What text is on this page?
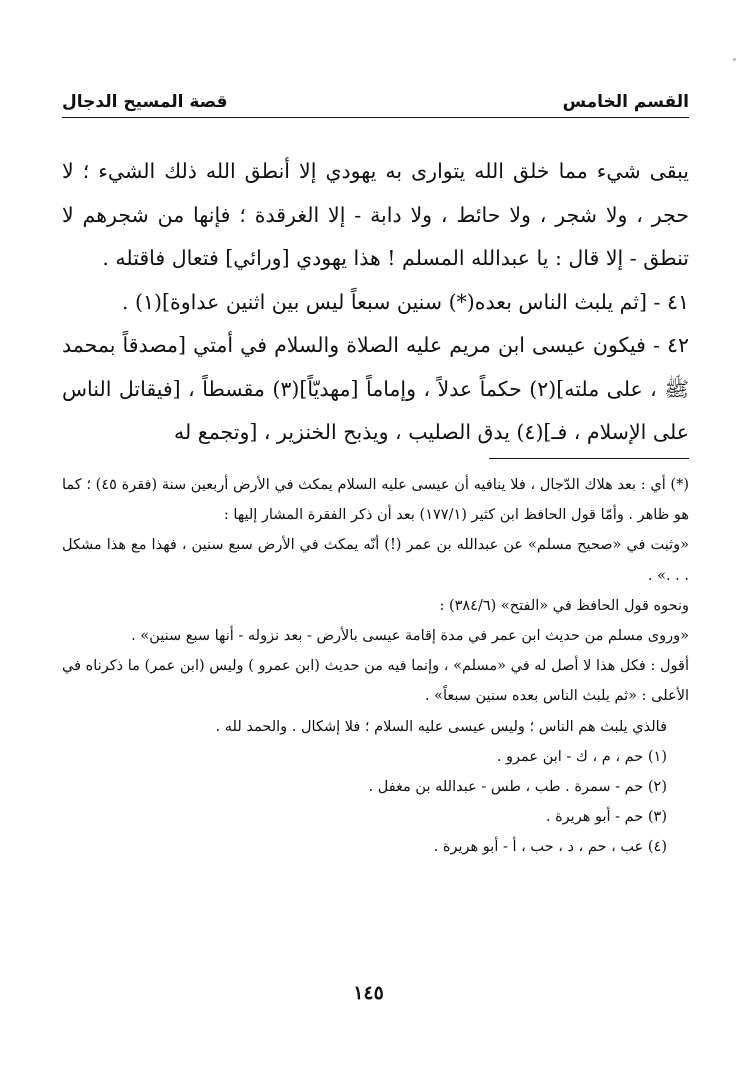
القسم الخامس
قصة المسيح الدجال

يبقى شيء مما خلق الله يتوارى به يهودي إلا أنطق الله ذلك الشيء ؛ لا حجر ، ولا شجر ، ولا حائط ، ولا دابة - إلا الغرقدة ؛ فإنها من شجرهم لا تنطق - إلا قال : يا عبدالله المسلم ! هذا يهودي [ورائي] فتعال فاقتله .

٤١ - [ثم يلبث الناس بعده(*) سنين سبعاً ليس بين اثنين عداوة](١) .

٤٢ - فيكون عيسى ابن مريم عليه الصلاة والسلام في أمتي [مصدقاً بمحمد ﷺ ، على ملته](٢) حكماً عدلاً ، وإماماً [مهديّاً](٣) مقسطاً ، [فيقاتل الناس على الإسلام ، فـ](٤) يدق الصليب ، ويذبح الخنزير ، [وتجمع له

(*) أي : بعد هلاك الدّجال ، فلا ينافيه أن عيسى عليه السلام يمكث في الأرض أربعين سنة (فقرة ٤٥) ؛ كما هو ظاهر . وأمّا قول الحافظ ابن كثير (١٧٧/١) بعد أن ذكر الفقرة المشار إليها :

«وثبت في «صحيح مسلم» عن عبدالله بن عمر (!) أنّه يمكث في الأرض سبع سنين ، فهذا مع هذا مشكل . . .» .

ونحوه قول الحافظ في «الفتح» (٣٨٤/٦) :

«وروى مسلم من حديث ابن عمر في مدة إقامة عيسى بالأرض - بعد نزوله - أنها سبع سنين» .

أقول : فكل هذا لا أصل له في «مسلم» ، وإنما فيه من حديث (ابن عمرو ) وليس (ابن عمر) ما ذكرناه في الأعلى : «ثم يلبث الناس بعده سنين سبعاً» .

فالذي يلبث هم الناس ؛ وليس عيسى عليه السلام ؛ فلا إشكال . والحمد لله .

(١) حم ، م ، ك - ابن عمرو .

(٢) حم - سمرة . طب ، طس - عبدالله بن مغفل .

(٣) حم - أبو هريرة .

(٤) عب ، حم ، د ، حب ، أ - أبو هريرة .

١٤٥
